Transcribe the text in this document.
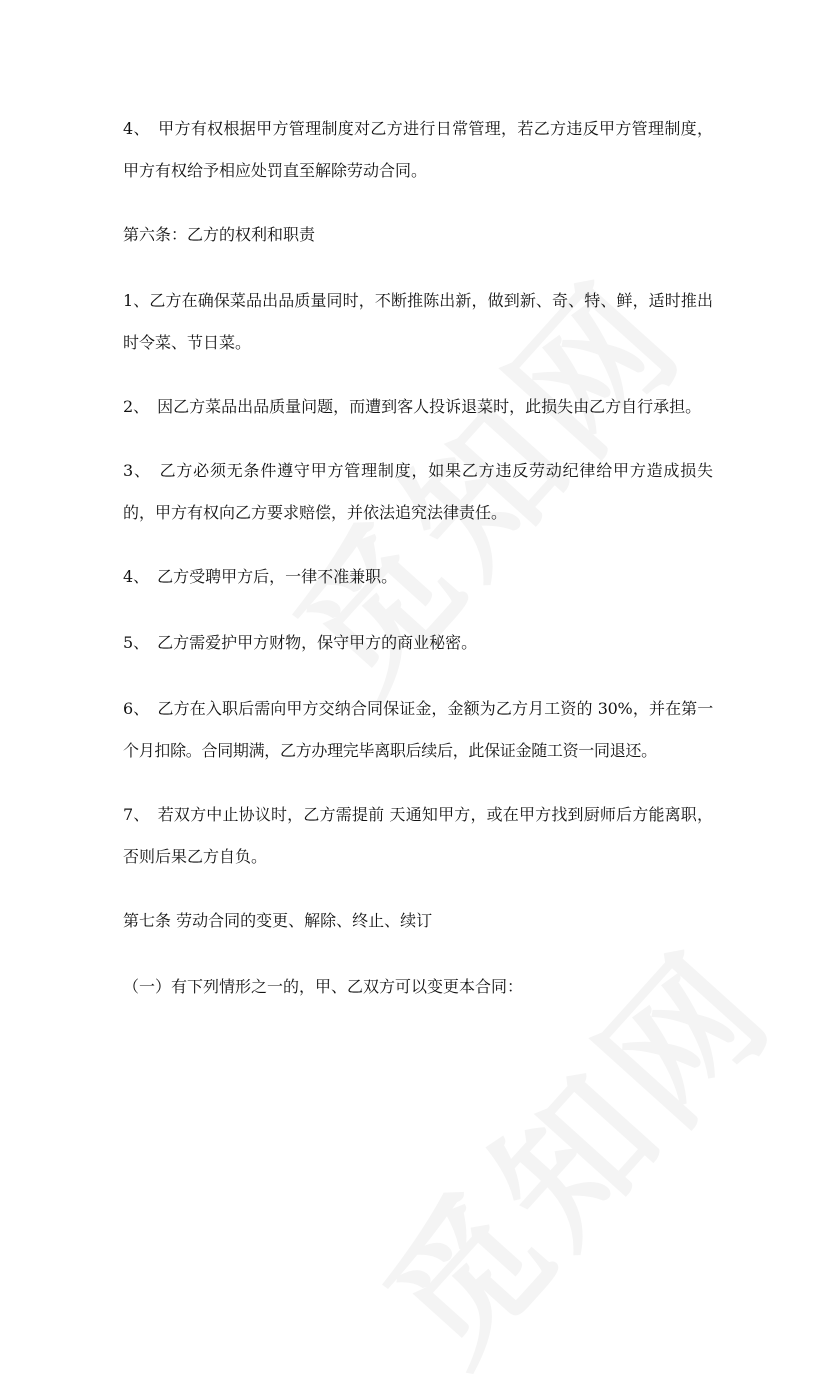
4、　甲方有权根据甲方管理制度对乙方进行日常管理，若乙方违反甲方管理制度，甲方有权给予相应处罚直至解除劳动合同。

第六条：乙方的权利和职责

1、乙方在确保菜品出品质量同时，不断推陈出新，做到新、奇、特、鲜，适时推出时令菜、节日菜。

2、　因乙方菜品出品质量问题，而遭到客人投诉退菜时，此损失由乙方自行承担。

3、　乙方必须无条件遵守甲方管理制度，如果乙方违反劳动纪律给甲方造成损失的，甲方有权向乙方要求赔偿，并依法追究法律责任。

4、　乙方受聘甲方后，一律不准兼职。

5、　乙方需爱护甲方财物，保守甲方的商业秘密。

6、　乙方在入职后需向甲方交纳合同保证金，金额为乙方月工资的 30%，并在第一个月扣除。合同期满，乙方办理完毕离职后续后，此保证金随工资一同退还。

7、　若双方中止协议时，乙方需提前 天通知甲方，或在甲方找到厨师后方能离职，否则后果乙方自负。

第七条 劳动合同的变更、解除、终止、续订

（一）有下列情形之一的，甲、乙双方可以变更本合同：
